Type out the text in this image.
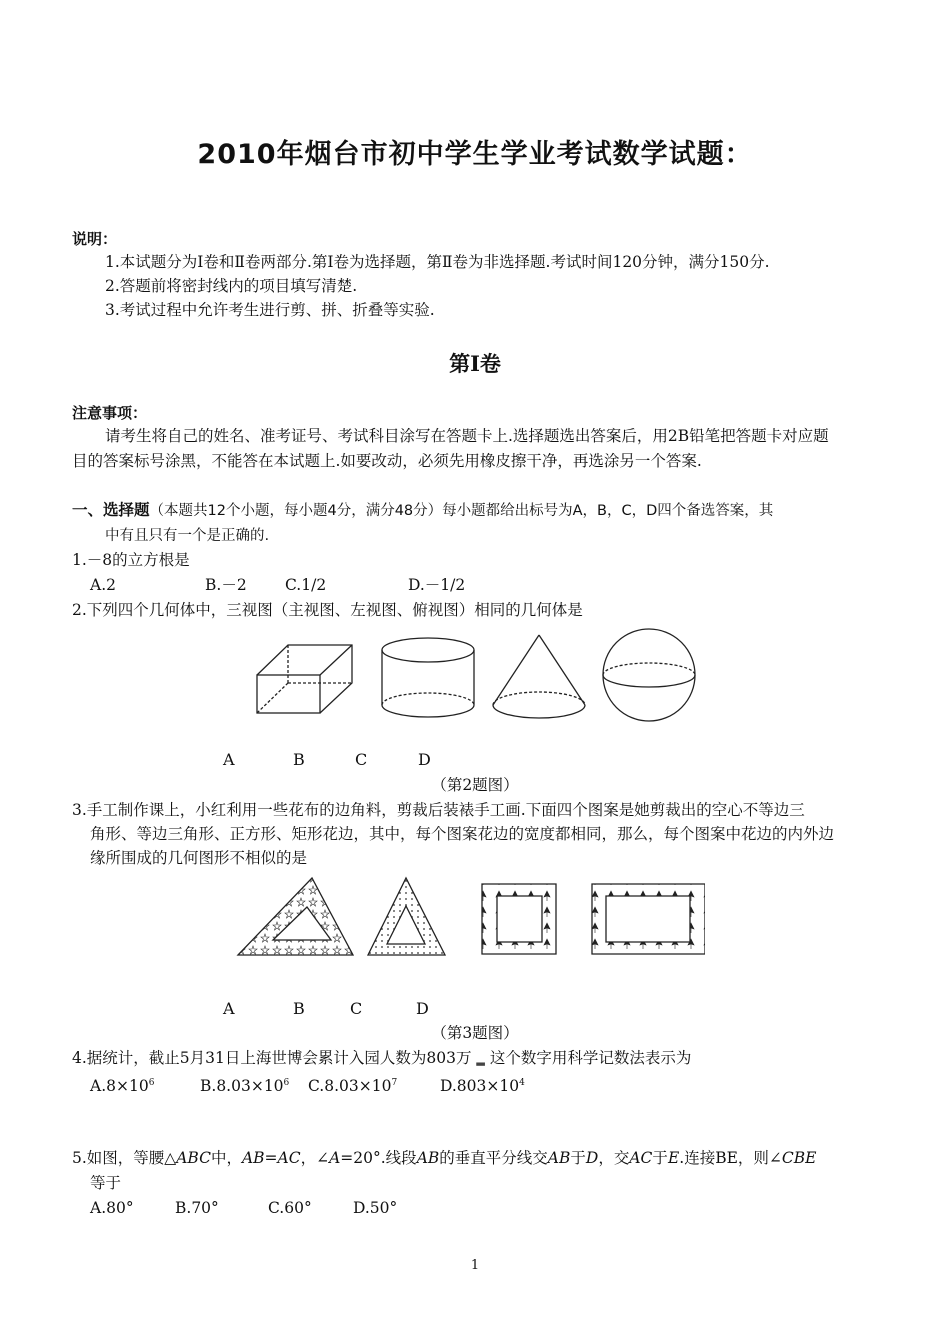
2010年烟台市初中学生学业考试数学试题：
说明：
1.本试题分为Ⅰ卷和Ⅱ卷两部分.第Ⅰ卷为选择题，第Ⅱ卷为非选择题.考试时间120分钟，满分150分.
2.答题前将密封线内的项目填写清楚.
3.考试过程中允许考生进行剪、拼、折叠等实验.
第Ⅰ卷
注意事项：
请考生将自己的姓名、准考证号、考试科目涂写在答题卡上.选择题选出答案后，用2B铅笔把答题卡对应题
目的答案标号涂黑，不能答在本试题上.如要改动，必须先用橡皮擦干净，再选涂另一个答案.
一、选择题（本题共12个小题，每小题4分，满分48分）每小题都给出标号为A，B，C，D四个备选答案，其
中有且只有一个是正确的.
1.－8的立方根是
A.2	B.－2 C.1/2	D.－1/2
2.下列四个几何体中，三视图（主视图、左视图、俯视图）相同的几何体是
A	B	C	D
（第2题图）
3.手工制作课上，小红利用一些花布的边角料，剪裁后装裱手工画.下面四个图案是她剪裁出的空心不等边三
角形、等边三角形、正方形、矩形花边，其中，每个图案花边的宽度都相同，那么，每个图案中花边的内外边
缘所围成的几何图形不相似的是
A	B	C	D
（第3题图）
4.据统计，截止5月31日上海世博会累计入园人数为803万 ▂ 这个数字用科学记数法表示为
$A.8\times 10^6$	$B.8.03\times 10^6$ $C.8.03\times 10^7$	$D.803\times 10^4$
5.如图，等腰△ABC中，AB=AC，∠A=20°.线段AB的垂直平分线交AB于D，交AC于E.连接BE，则∠CBE
等于
A.80°	B.70°	C.60°	D.50°
1
